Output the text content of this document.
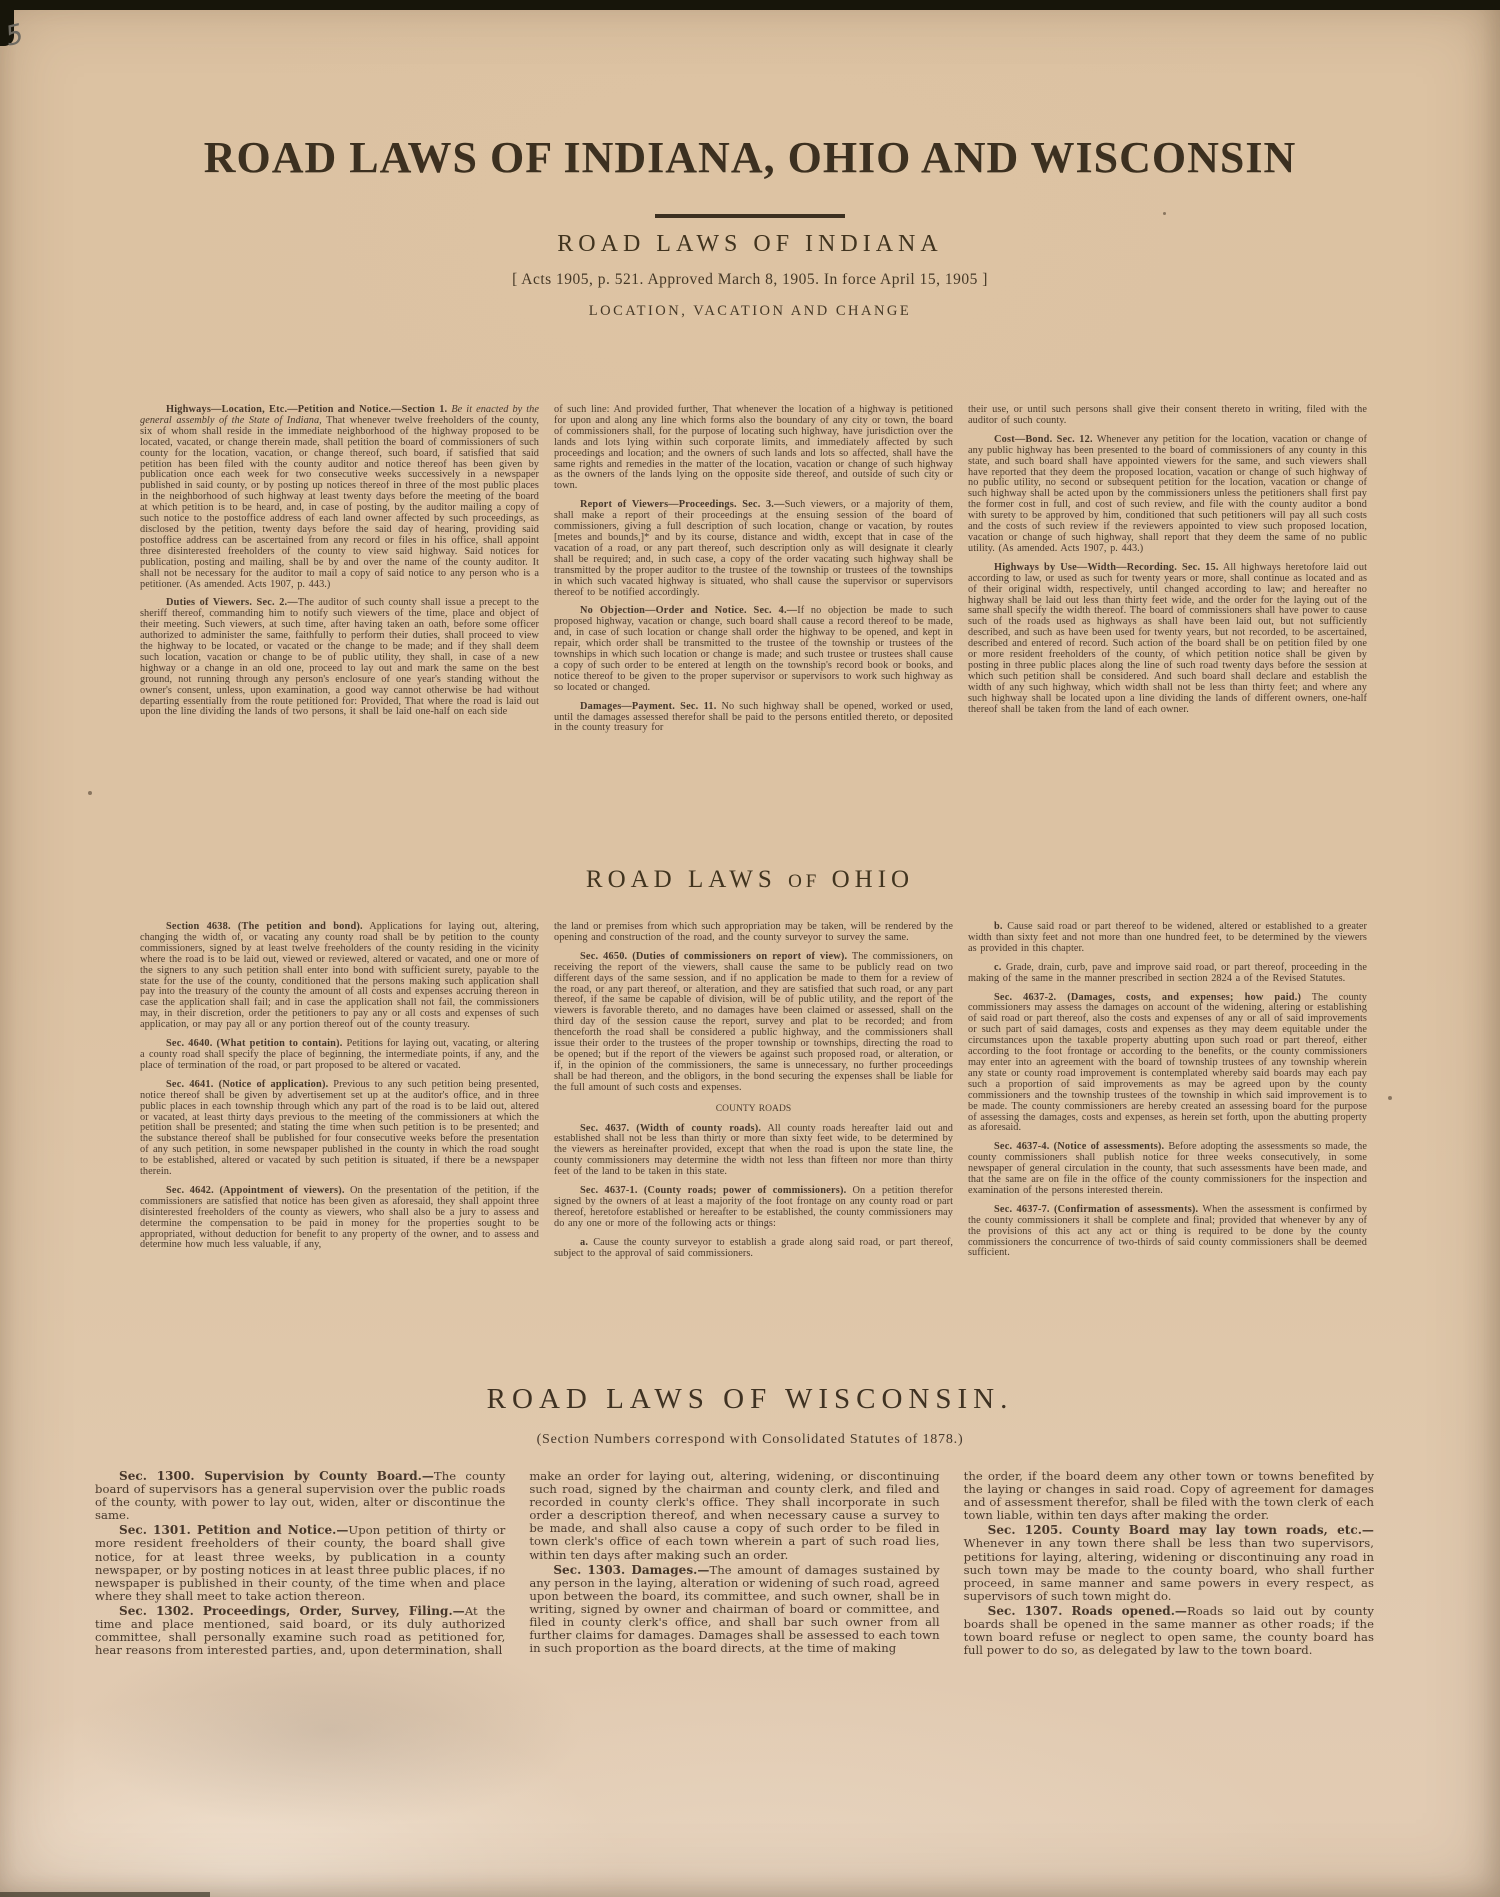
5
ROAD LAWS OF INDIANA, OHIO AND WISCONSIN
ROAD LAWS OF INDIANA
[ Acts 1905, p. 521. Approved March 8, 1905. In force April 15, 1905 ]
LOCATION, VACATION AND CHANGE

Highways—Location, Etc.—Petition and Notice.—Section 1. Be it enacted by the general assembly of the State of Indiana, That whenever twelve freeholders of the county, six of whom shall reside in the immediate neighborhood of the highway proposed to be located, vacated, or change therein made, shall petition the board of commissioners of such county for the location, vacation, or change thereof, such board, if satisfied that said petition has been filed with the county auditor and notice thereof has been given by publication once each week for two consecutive weeks successively in a newspaper published in said county, or by posting up notices thereof in three of the most public places in the neighborhood of such highway at least twenty days before the meeting of the board at which petition is to be heard, and, in case of posting, by the auditor mailing a copy of such notice to the postoffice address of each land owner affected by such proceedings, as disclosed by the petition, twenty days before the said day of hearing, providing said postoffice address can be ascertained from any record or files in his office, shall appoint three disinterested freeholders of the county to view said highway. Said notices for publication, posting and mailing, shall be by and over the name of the county auditor. It shall not be necessary for the auditor to mail a copy of said notice to any person who is a petitioner. (As amended. Acts 1907, p. 443.)

Duties of Viewers. Sec. 2.—The auditor of such county shall issue a precept to the sheriff thereof, commanding him to notify such viewers of the time, place and object of their meeting. Such viewers, at such time, after having taken an oath, before some officer authorized to administer the same, faithfully to perform their duties, shall proceed to view the highway to be located, or vacated or the change to be made; and if they shall deem such location, vacation or change to be of public utility, they shall, in case of a new highway or a change in an old one, proceed to lay out and mark the same on the best ground, not running through any person's enclosure of one year's standing without the owner's consent, unless, upon examination, a good way cannot otherwise be had without departing essentially from the route petitioned for: Provided, That where the road is laid out upon the line dividing the lands of two persons, it shall be laid one-half on each side

of such line: And provided further, That whenever the location of a highway is petitioned for upon and along any line which forms also the boundary of any city or town, the board of commissioners shall, for the purpose of locating such highway, have jurisdiction over the lands and lots lying within such corporate limits, and immediately affected by such proceedings and location; and the owners of such lands and lots so affected, shall have the same rights and remedies in the matter of the location, vacation or change of such highway as the owners of the lands lying on the opposite side thereof, and outside of such city or town.

Report of Viewers—Proceedings. Sec. 3.—Such viewers, or a majority of them, shall make a report of their proceedings at the ensuing session of the board of commissioners, giving a full description of such location, change or vacation, by routes [metes and bounds,]* and by its course, distance and width, except that in case of the vacation of a road, or any part thereof, such description only as will designate it clearly shall be required; and, in such case, a copy of the order vacating such highway shall be transmitted by the proper auditor to the trustee of the township or trustees of the townships in which such vacated highway is situated, who shall cause the supervisor or supervisors thereof to be notified accordingly.

No Objection—Order and Notice. Sec. 4.—If no objection be made to such proposed highway, vacation or change, such board shall cause a record thereof to be made, and, in case of such location or change shall order the highway to be opened, and kept in repair, which order shall be transmitted to the trustee of the township or trustees of the townships in which such location or change is made; and such trustee or trustees shall cause a copy of such order to be entered at length on the township's record book or books, and notice thereof to be given to the proper supervisor or supervisors to work such highway as so located or changed.

Damages—Payment. Sec. 11. No such highway shall be opened, worked or used, until the damages assessed therefor shall be paid to the persons entitled thereto, or deposited in the county treasury for

their use, or until such persons shall give their consent thereto in writing, filed with the auditor of such county.

Cost—Bond. Sec. 12. Whenever any petition for the location, vacation or change of any public highway has been presented to the board of commissioners of any county in this state, and such board shall have appointed viewers for the same, and such viewers shall have reported that they deem the proposed location, vacation or change of such highway of no public utility, no second or subsequent petition for the location, vacation or change of such highway shall be acted upon by the commissioners unless the petitioners shall first pay the former cost in full, and cost of such review, and file with the county auditor a bond with surety to be approved by him, conditioned that such petitioners will pay all such costs and the costs of such review if the reviewers appointed to view such proposed location, vacation or change of such highway, shall report that they deem the same of no public utility. (As amended. Acts 1907, p. 443.)

Highways by Use—Width—Recording. Sec. 15. All highways heretofore laid out according to law, or used as such for twenty years or more, shall continue as located and as of their original width, respectively, until changed according to law; and hereafter no highway shall be laid out less than thirty feet wide, and the order for the laying out of the same shall specify the width thereof. The board of commissioners shall have power to cause such of the roads used as highways as shall have been laid out, but not sufficiently described, and such as have been used for twenty years, but not recorded, to be ascertained, described and entered of record. Such action of the board shall be on petition filed by one or more resident freeholders of the county, of which petition notice shall be given by posting in three public places along the line of such road twenty days before the session at which such petition shall be considered. And such board shall declare and establish the width of any such highway, which width shall not be less than thirty feet; and where any such highway shall be located upon a line dividing the lands of different owners, one-half thereof shall be taken from the land of each owner.

ROAD LAWS OF OHIO

Section 4638. (The petition and bond). Applications for laying out, altering, changing the width of, or vacating any county road shall be by petition to the county commissioners, signed by at least twelve freeholders of the county residing in the vicinity where the road is to be laid out, viewed or reviewed, altered or vacated, and one or more of the signers to any such petition shall enter into bond with sufficient surety, payable to the state for the use of the county, conditioned that the persons making such application shall pay into the treasury of the county the amount of all costs and expenses accruing thereon in case the application shall fail; and in case the application shall not fail, the commissioners may, in their discretion, order the petitioners to pay any or all costs and expenses of such application, or may pay all or any portion thereof out of the county treasury.

Sec. 4640. (What petition to contain). Petitions for laying out, vacating, or altering a county road shall specify the place of beginning, the intermediate points, if any, and the place of termination of the road, or part proposed to be altered or vacated.

Sec. 4641. (Notice of application). Previous to any such petition being presented, notice thereof shall be given by advertisement set up at the auditor's office, and in three public places in each township through which any part of the road is to be laid out, altered or vacated, at least thirty days previous to the meeting of the commissioners at which the petition shall be presented; and stating the time when such petition is to be presented; and the substance thereof shall be published for four consecutive weeks before the presentation of any such petition, in some newspaper published in the county in which the road sought to be established, altered or vacated by such petition is situated, if there be a newspaper therein.

Sec. 4642. (Appointment of viewers). On the presentation of the petition, if the commissioners are satisfied that notice has been given as aforesaid, they shall appoint three disinterested freeholders of the county as viewers, who shall also be a jury to assess and determine the compensation to be paid in money for the properties sought to be appropriated, without deduction for benefit to any property of the owner, and to assess and determine how much less valuable, if any,

the land or premises from which such appropriation may be taken, will be rendered by the opening and construction of the road, and the county surveyor to survey the same.

Sec. 4650. (Duties of commissioners on report of view). The commissioners, on receiving the report of the viewers, shall cause the same to be publicly read on two different days of the same session, and if no application be made to them for a review of the road, or any part thereof, or alteration, and they are satisfied that such road, or any part thereof, if the same be capable of division, will be of public utility, and the report of the viewers is favorable thereto, and no damages have been claimed or assessed, shall on the third day of the session cause the report, survey and plat to be recorded; and from thenceforth the road shall be considered a public highway, and the commissioners shall issue their order to the trustees of the proper township or townships, directing the road to be opened; but if the report of the viewers be against such proposed road, or alteration, or if, in the opinion of the commissioners, the same is unnecessary, no further proceedings shall be had thereon, and the obligors, in the bond securing the expenses shall be liable for the full amount of such costs and expenses.

COUNTY ROADS

Sec. 4637. (Width of county roads). All county roads hereafter laid out and established shall not be less than thirty or more than sixty feet wide, to be determined by the viewers as hereinafter provided, except that when the road is upon the state line, the county commissioners may determine the width not less than fifteen nor more than thirty feet of the land to be taken in this state.

Sec. 4637-1. (County roads; power of commissioners). On a petition therefor signed by the owners of at least a majority of the foot frontage on any county road or part thereof, heretofore established or hereafter to be established, the county commissioners may do any one or more of the following acts or things:

a. Cause the county surveyor to establish a grade along said road, or part thereof, subject to the approval of said commissioners.

b. Cause said road or part thereof to be widened, altered or established to a greater width than sixty feet and not more than one hundred feet, to be determined by the viewers as provided in this chapter.

c. Grade, drain, curb, pave and improve said road, or part thereof, proceeding in the making of the same in the manner prescribed in section 2824 a of the Revised Statutes.

Sec. 4637-2. (Damages, costs, and expenses; how paid.) The county commissioners may assess the damages on account of the widening, altering or establishing of said road or part thereof, also the costs and expenses of any or all of said improvements or such part of said damages, costs and expenses as they may deem equitable under the circumstances upon the taxable property abutting upon such road or part thereof, either according to the foot frontage or according to the benefits, or the county commissioners may enter into an agreement with the board of township trustees of any township wherein any state or county road improvement is contemplated whereby said boards may each pay such a proportion of said improvements as may be agreed upon by the county commissioners and the township trustees of the township in which said improvement is to be made. The county commissioners are hereby created an assessing board for the purpose of assessing the damages, costs and expenses, as herein set forth, upon the abutting property as aforesaid.

Sec. 4637-4. (Notice of assessments). Before adopting the assessments so made, the county commissioners shall publish notice for three weeks consecutively, in some newspaper of general circulation in the county, that such assessments have been made, and that the same are on file in the office of the county commissioners for the inspection and examination of the persons interested therein.

Sec. 4637-7. (Confirmation of assessments). When the assessment is confirmed by the county commissioners it shall be complete and final; provided that whenever by any of the provisions of this act any act or thing is required to be done by the county commissioners the concurrence of two-thirds of said county commissioners shall be deemed sufficient.

ROAD LAWS OF WISCONSIN.
(Section Numbers correspond with Consolidated Statutes of 1878.)

Sec. 1300. Supervision by County Board.—The county board of supervisors has a general supervision over the public roads of the county, with power to lay out, widen, alter or discontinue the same.

Sec. 1301. Petition and Notice.—Upon petition of thirty or more resident freeholders of their county, the board shall give notice, for at least three weeks, by publication in a county newspaper, or by posting notices in at least three public places, if no newspaper is published in their county, of the time when and place where they shall meet to take action thereon.

Sec. 1302. Proceedings, Order, Survey, Filing.—At the time and place mentioned, said board, or its duly authorized committee, shall personally examine such road as petitioned for, hear reasons from interested parties, and, upon determination, shall

make an order for laying out, altering, widening, or discontinuing such road, signed by the chairman and county clerk, and filed and recorded in county clerk's office. They shall incorporate in such order a description thereof, and when necessary cause a survey to be made, and shall also cause a copy of such order to be filed in town clerk's office of each town wherein a part of such road lies, within ten days after making such an order.

Sec. 1303. Damages.—The amount of damages sustained by any person in the laying, alteration or widening of such road, agreed upon between the board, its committee, and such owner, shall be in writing, signed by owner and chairman of board or committee, and filed in county clerk's office, and shall bar such owner from all further claims for damages. Damages shall be assessed to each town in such proportion as the board directs, at the time of making

the order, if the board deem any other town or towns benefited by the laying or changes in said road. Copy of agreement for damages and of assessment therefor, shall be filed with the town clerk of each town liable, within ten days after making the order.

Sec. 1205. County Board may lay town roads, etc.—Whenever in any town there shall be less than two supervisors, petitions for laying, altering, widening or discontinuing any road in such town may be made to the county board, who shall further proceed, in same manner and same powers in every respect, as supervisors of such town might do.

Sec. 1307. Roads opened.—Roads so laid out by county boards shall be opened in the same manner as other roads; if the town board refuse or neglect to open same, the county board has full power to do so, as delegated by law to the town board.
